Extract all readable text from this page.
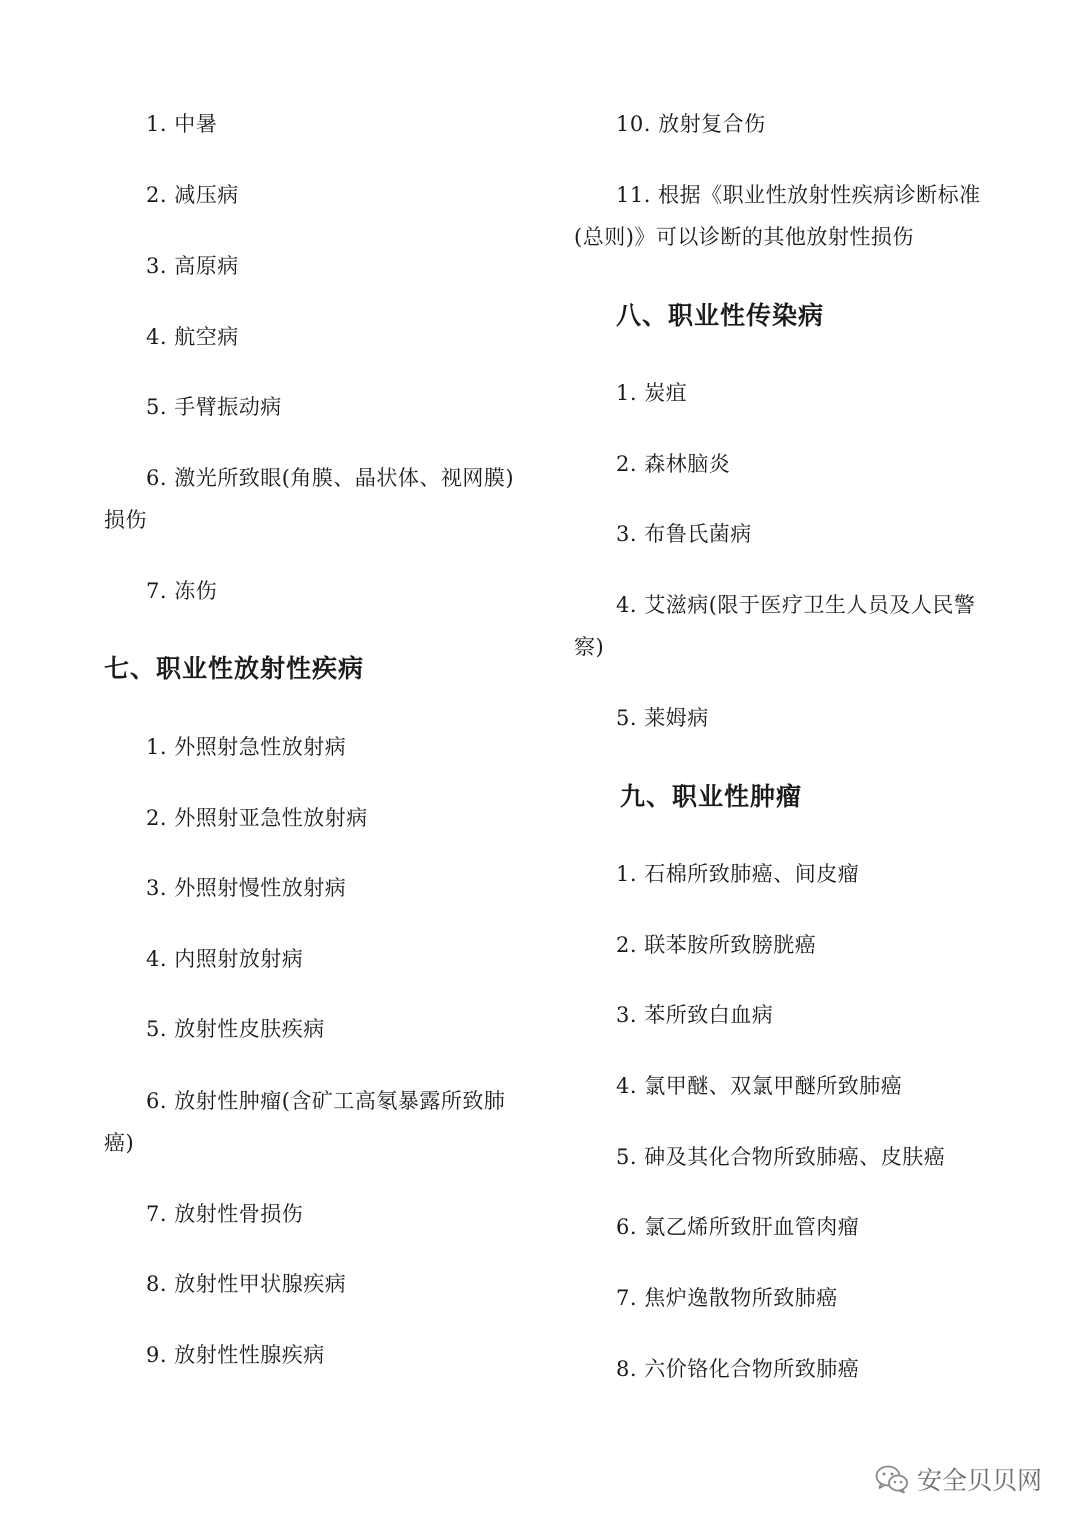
1. 中暑
2. 减压病
3. 高原病
4. 航空病
5. 手臂振动病
6. 激光所致眼(角膜、晶状体、视网膜)损伤
7. 冻伤
七、职业性放射性疾病
1. 外照射急性放射病
2. 外照射亚急性放射病
3. 外照射慢性放射病
4. 内照射放射病
5. 放射性皮肤疾病
6. 放射性肿瘤(含矿工高氡暴露所致肺癌)
7. 放射性骨损伤
8. 放射性甲状腺疾病
9. 放射性性腺疾病
10. 放射复合伤
11. 根据《职业性放射性疾病诊断标准(总则)》可以诊断的其他放射性损伤
八、职业性传染病
1. 炭疽
2. 森林脑炎
3. 布鲁氏菌病
4. 艾滋病(限于医疗卫生人员及人民警察)
5. 莱姆病
九、职业性肿瘤
1. 石棉所致肺癌、间皮瘤
2. 联苯胺所致膀胱癌
3. 苯所致白血病
4. 氯甲醚、双氯甲醚所致肺癌
5. 砷及其化合物所致肺癌、皮肤癌
6. 氯乙烯所致肝血管肉瘤
7. 焦炉逸散物所致肺癌
8. 六价铬化合物所致肺癌
安全贝贝网
